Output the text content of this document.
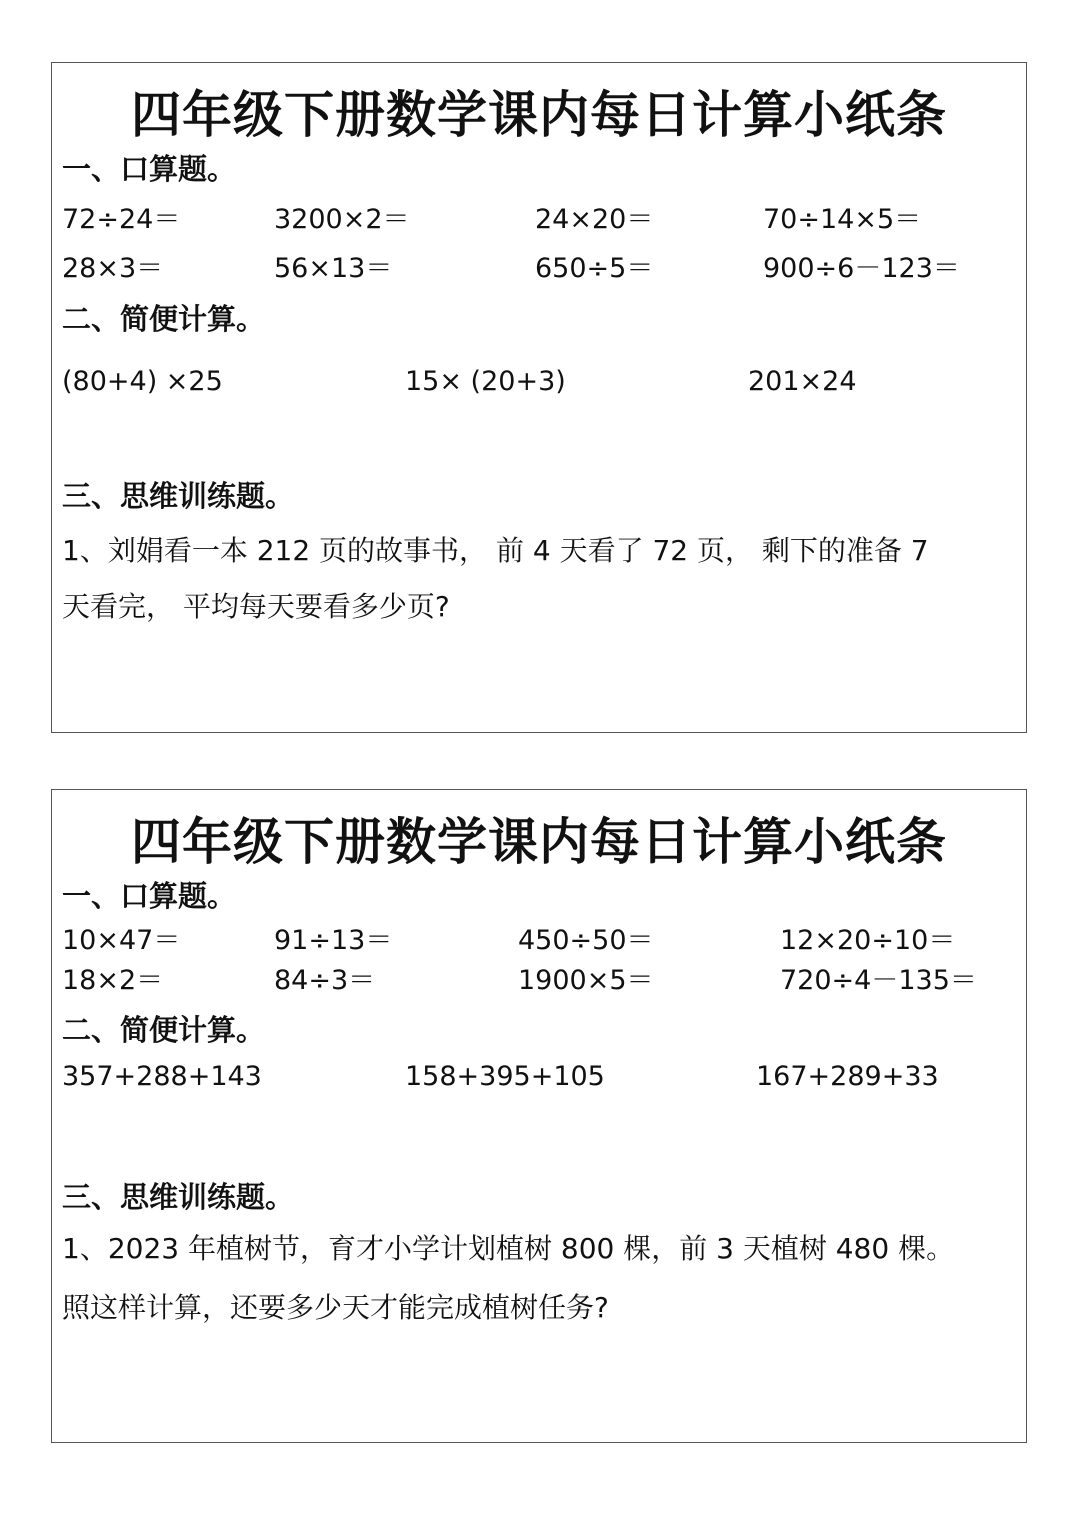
四年级下册数学课内每日计算小纸条
一、口算题。
72÷24＝	3200×2＝	24×20＝	70÷14×5＝
28×3＝	56×13＝	650÷5＝	900÷6－123＝
二、简便计算。
(80+4) ×25	15× (20+3)	201×24
三、思维训练题。
1、刘娟看一本 212 页的故事书， 前 4 天看了 72 页， 剩下的准备 7
天看完， 平均每天要看多少页?
四年级下册数学课内每日计算小纸条
一、口算题。
10×47＝	91÷13＝	450÷50＝	12×20÷10＝
18×2＝	84÷3＝	1900×5＝	720÷4－135＝
二、简便计算。
357+288+143	158+395+105	167+289+33
三、思维训练题。
1、2023 年植树节，育才小学计划植树 800 棵，前 3 天植树 480 棵。
照这样计算，还要多少天才能完成植树任务?
